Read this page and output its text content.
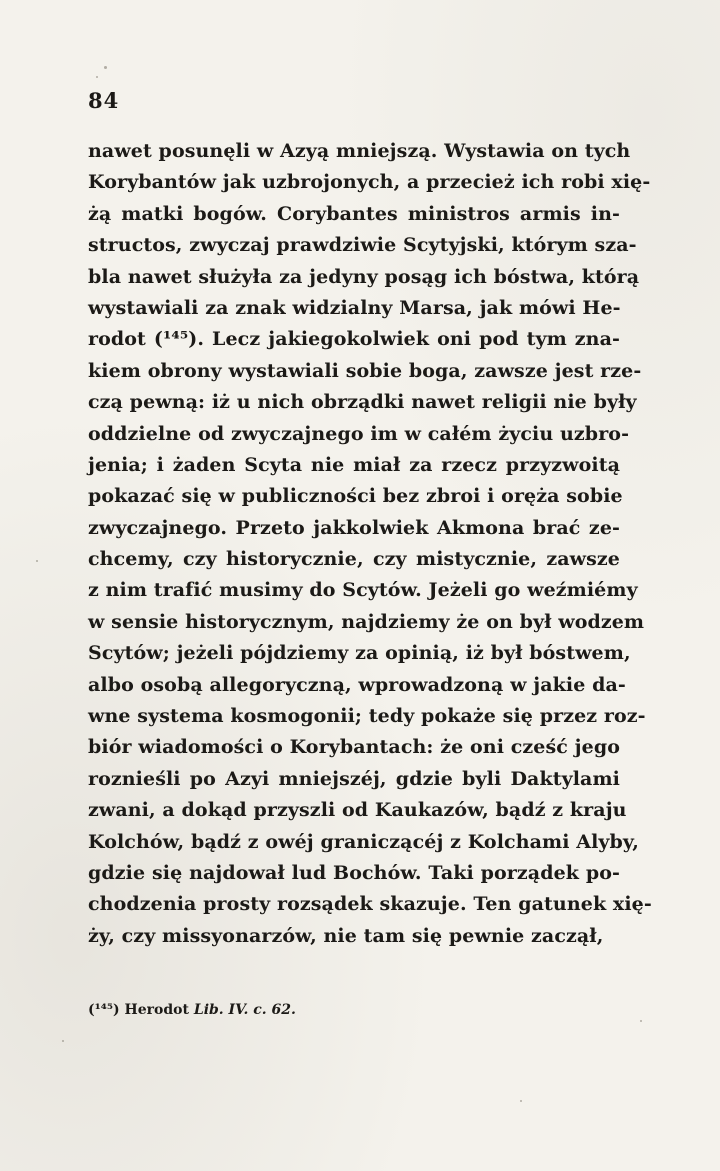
84
nawet posunęli w Azyą mniejszą. Wystawia on tych
Korybantów jak uzbrojonych, a przecież ich robi xię-
żą matki bogów. Corybantes ministros armis in-
structos, zwyczaj prawdziwie Scytyjski, którym sza-
bla nawet służyła za jedyny posąg ich bóstwa, którą
wystawiali za znak widzialny Marsa, jak mówi He-
rodot (¹⁴⁵). Lecz jakiegokolwiek oni pod tym zna-
kiem obrony wystawiali sobie boga, zawsze jest rze-
czą pewną: iż u nich obrządki nawet religii nie były
oddzielne od zwyczajnego im w całém życiu uzbro-
jenia; i żaden Scyta nie miał za rzecz przyzwoitą
pokazać się w publiczności bez zbroi i oręża sobie
zwyczajnego. Przeto jakkolwiek Akmona brać ze-
chcemy, czy historycznie, czy mistycznie, zawsze
z nim trafić musimy do Scytów. Jeżeli go weźmiémy
w sensie historycznym, najdziemy że on był wodzem
Scytów; jeżeli pójdziemy za opinią, iż był bóstwem,
albo osobą allegoryczną, wprowadzoną w jakie da-
wne systema kosmogonii; tedy pokaże się przez roz-
biór wiadomości o Korybantach: że oni cześć jego
roznieśli po Azyi mniejszéj, gdzie byli Daktylami
zwani, a dokąd przyszli od Kaukazów, bądź z kraju
Kolchów, bądź z owéj graniczącéj z Kolchami Alyby,
gdzie się najdował lud Bochów. Taki porządek po-
chodzenia prosty rozsądek skazuje. Ten gatunek xię-
ży, czy missyonarzów, nie tam się pewnie zaczął,
(¹⁴⁵) Herodot Lib. IV. c. 62.
